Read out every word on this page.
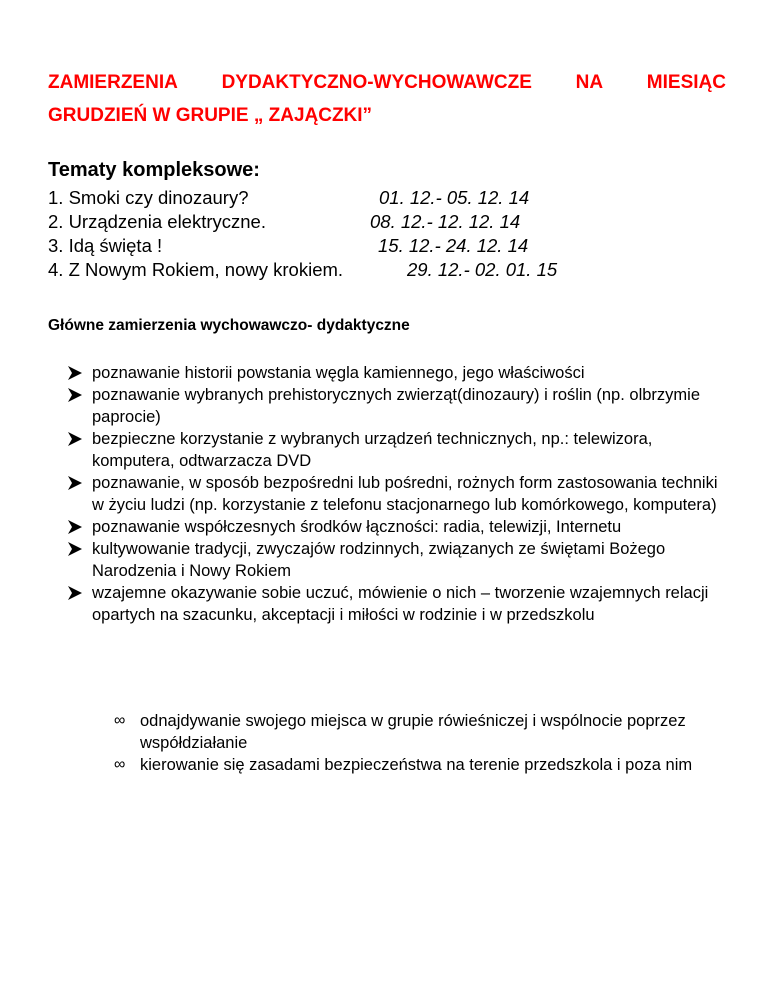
ZAMIERZENIA DYDAKTYCZNO-WYCHOWAWCZE NA MIESIĄC
GRUDZIEŃ W GRUPIE „ ZAJĄCZKI”
Tematy kompleksowe:
1. Smoki czy dinozaury?	01. 12.- 05. 12. 14
2. Urządzenia elektryczne.	08. 12.- 12. 12. 14
3. Idą święta !	15. 12.- 24. 12. 14
4. Z Nowym Rokiem, nowy krokiem.	29. 12.- 02. 01. 15
Główne zamierzenia wychowawczo- dydaktyczne
poznawanie historii powstania węgla kamiennego, jego właściwości
poznawanie wybranych prehistorycznych zwierząt(dinozaury) i roślin (np. olbrzymie paprocie)
bezpieczne korzystanie z wybranych urządzeń technicznych, np.: telewizora, komputera, odtwarzacza DVD
poznawanie, w sposób bezpośredni lub pośredni, rożnych form zastosowania techniki w życiu ludzi (np. korzystanie z telefonu stacjonarnego lub komórkowego, komputera)
poznawanie współczesnych środków łączności: radia, telewizji, Internetu
kultywowanie tradycji, zwyczajów rodzinnych, związanych ze świętami Bożego Narodzenia i Nowy Rokiem
wzajemne okazywanie sobie uczuć, mówienie o nich – tworzenie wzajemnych relacji opartych na szacunku, akceptacji i miłości w rodzinie i w przedszkolu
∞ odnajdywanie swojego miejsca w grupie rówieśniczej i wspólnocie poprzez współdziałanie
∞ kierowanie się zasadami bezpieczeństwa na terenie przedszkola i poza nim
